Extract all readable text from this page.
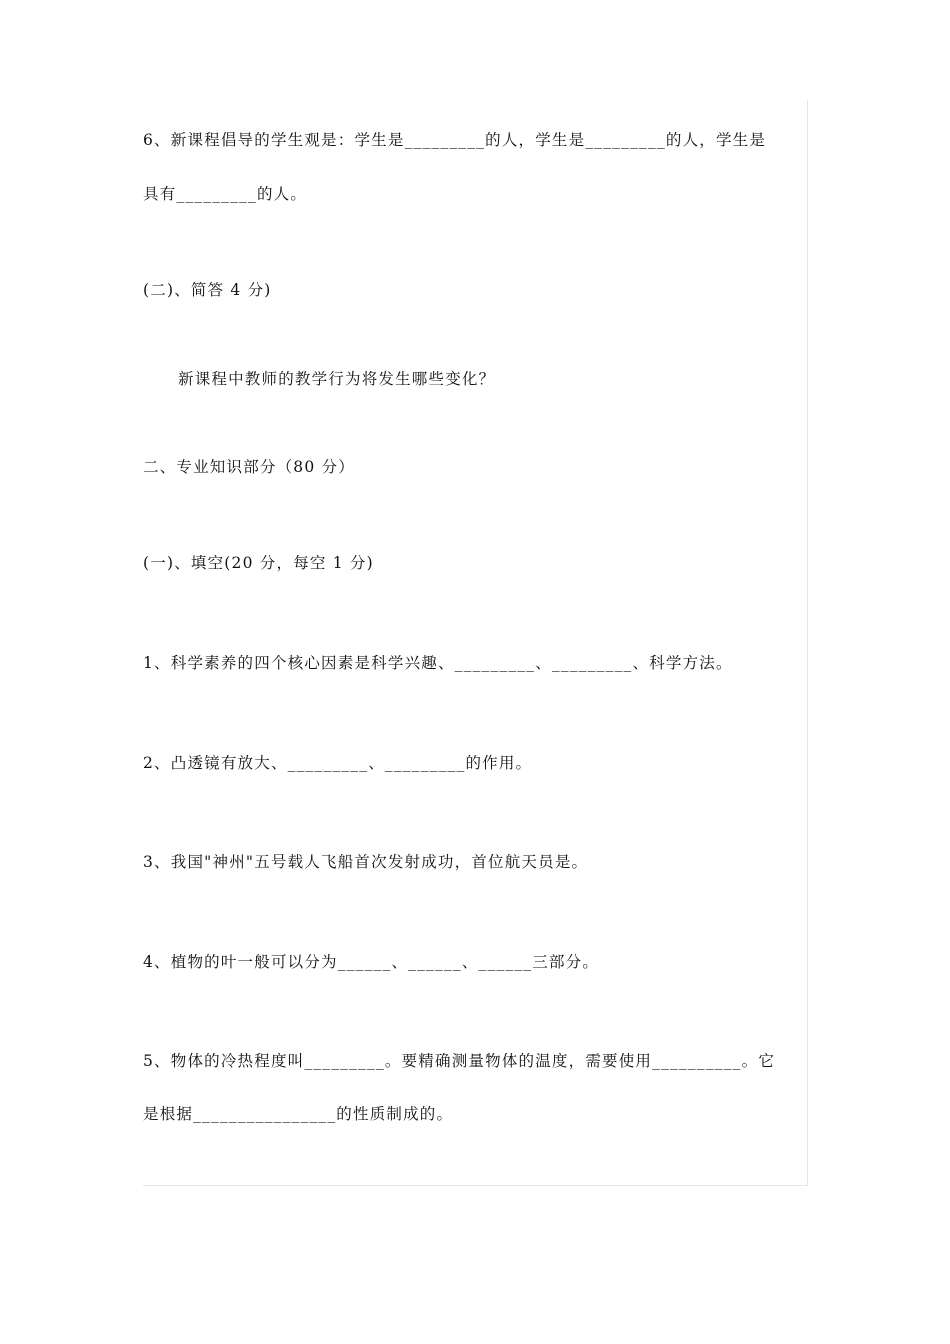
6、新课程倡导的学生观是：学生是_________的人，学生是_________的人，学生是
具有_________的人。
(二)、简答 4 分)
新课程中教师的教学行为将发生哪些变化？
二、专业知识部分（80 分）
(一)、填空(20 分，每空 1 分)
1、科学素养的四个核心因素是科学兴趣、_________、_________、科学方法。
2、凸透镜有放大、_________、_________的作用。
3、我国"神州"五号载人飞船首次发射成功，首位航天员是。
4、植物的叶一般可以分为______、______、______三部分。
5、物体的冷热程度叫_________。要精确测量物体的温度，需要使用__________。它
是根据________________的性质制成的。
